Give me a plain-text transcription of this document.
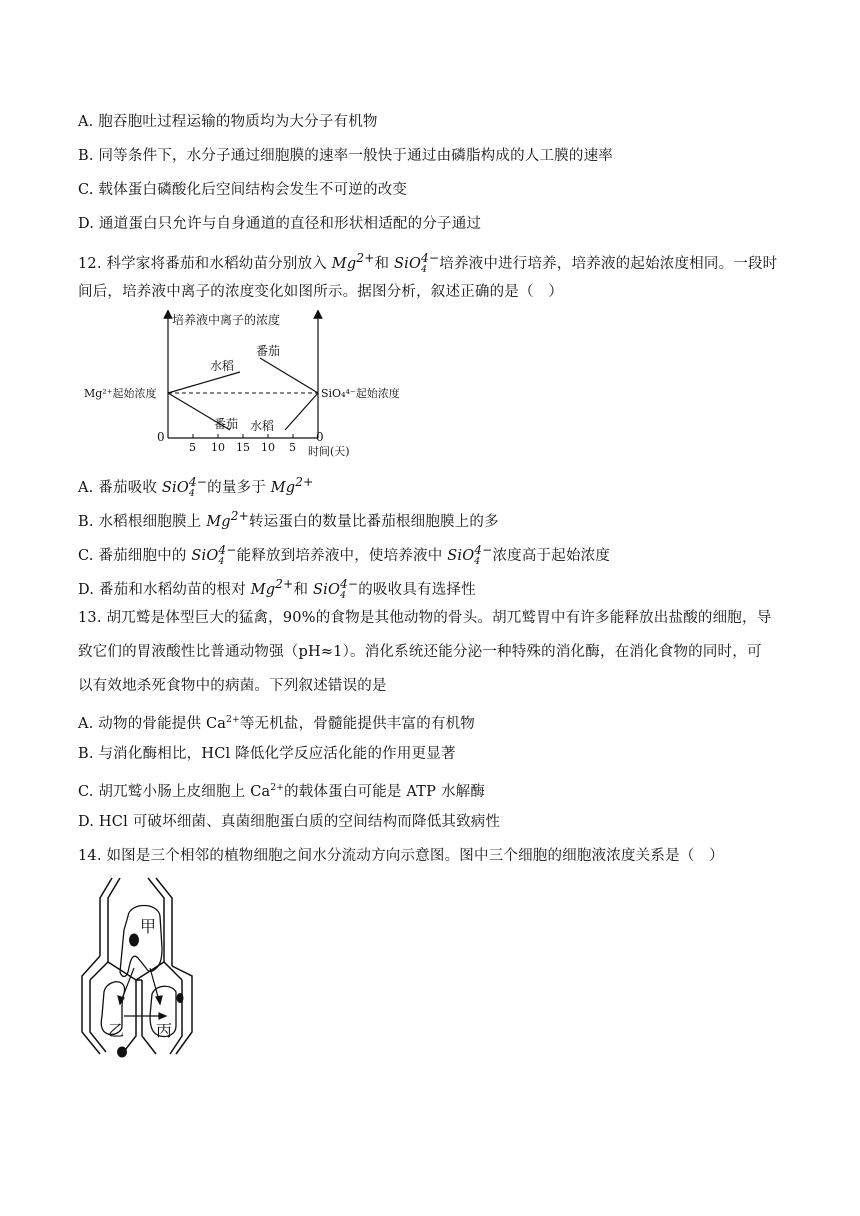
A. 胞吞胞吐过程运输的物质均为大分子有机物
B. 同等条件下，水分子通过细胞膜的速率一般快于通过由磷脂构成的人工膜的速率
C. 载体蛋白磷酸化后空间结构会发生不可逆的改变
D. 通道蛋白只允许与自身通道的直径和形状相适配的分子通过
12. 科学家将番茄和水稻幼苗分别放入 $Mg^{2+}$和 SiO$_4^{4-}$培养液中进行培养，培养液的起始浓度相同。一段时
间后，培养液中离子的浓度变化如图所示。据图分析，叙述正确的是（　）
培养液中离子的浓度
Mg²⁺起始浓度	SiO₄⁴⁻起始浓度
水稻
番茄
番茄 水稻
0	0
5 10 15 10 5 时间(天)
A. 番茄吸收 SiO$_4^{4-}$的量多于 $Mg^{2+}$
B. 水稻根细胞膜上 $Mg^{2+}$转运蛋白的数量比番茄根细胞膜上的多
C. 番茄细胞中的 SiO$_4^{4-}$能释放到培养液中，使培养液中 SiO$_4^{4-}$浓度高于起始浓度
D. 番茄和水稻幼苗的根对 $Mg^{2+}$和 SiO$_4^{4-}$的吸收具有选择性
13. 胡兀鹫是体型巨大的猛禽，90%的食物是其他动物的骨头。胡兀鹫胃中有许多能释放出盐酸的细胞，导
致它们的胃液酸性比普通动物强（pH≈1）。消化系统还能分泌一种特殊的消化酶，在消化食物的同时，可
以有效地杀死食物中的病菌。下列叙述错误的是
A. 动物的骨能提供 $Ca^{2+}$等无机盐，骨髓能提供丰富的有机物
B. 与消化酶相比，HCl 降低化学反应活化能的作用更显著
C. 胡兀鹫小肠上皮细胞上 $Ca^{2+}$的载体蛋白可能是 ATP 水解酶
D. HCl 可破坏细菌、真菌细胞蛋白质的空间结构而降低其致病性
14. 如图是三个相邻的植物细胞之间水分流动方向示意图。图中三个细胞的细胞液浓度关系是（　）
甲
乙 丙
